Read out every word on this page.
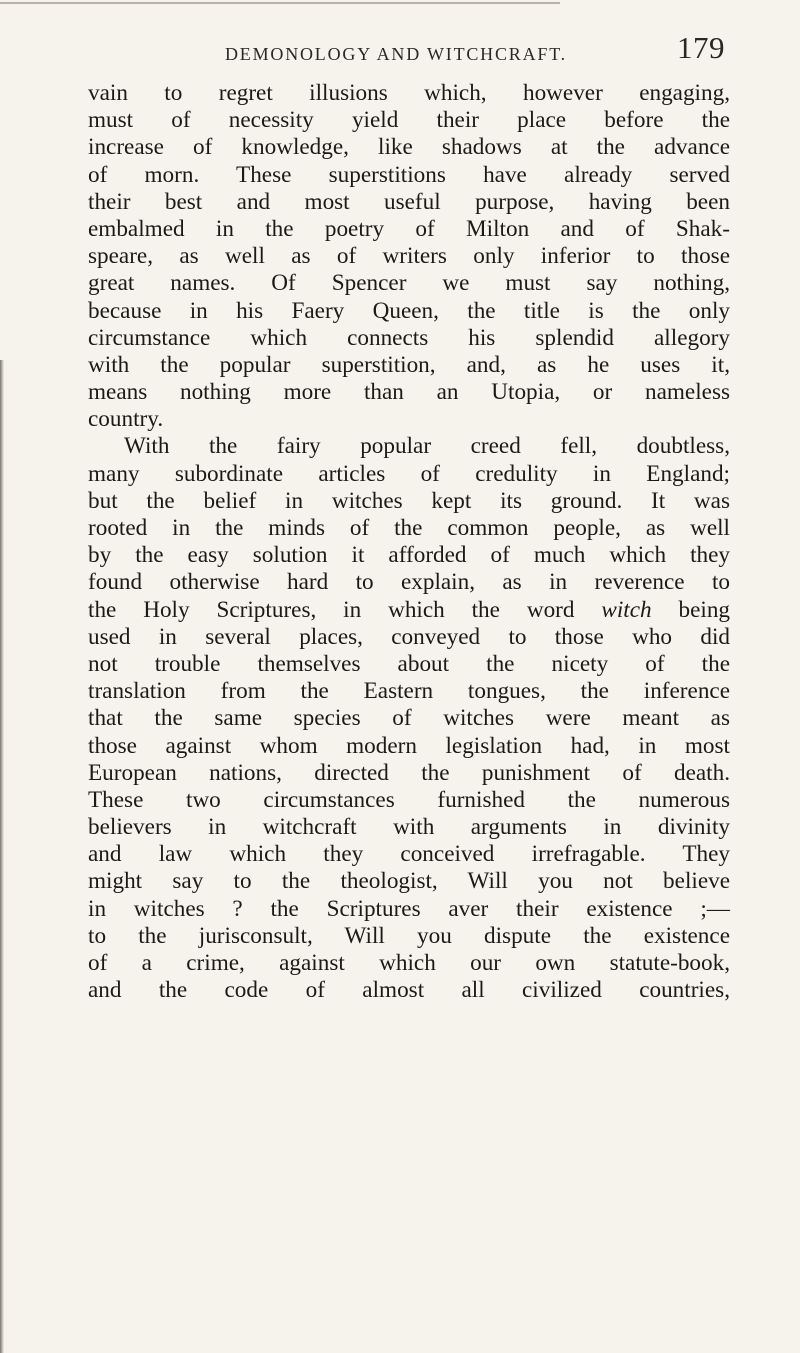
DEMONOLOGY AND WITCHCRAFT.	179
vain to regret illusions which, however engaging,
must of necessity yield their place before the
increase of knowledge, like shadows at the advance
of morn. These superstitions have already served
their best and most useful purpose, having been
embalmed in the poetry of Milton and of Shak-
speare, as well as of writers only inferior to those
great names. Of Spencer we must say nothing,
because in his Faery Queen, the title is the only
circumstance which connects his splendid allegory
with the popular superstition, and, as he uses it,
means nothing more than an Utopia, or nameless
country.
With the fairy popular creed fell, doubtless,
many subordinate articles of credulity in England;
but the belief in witches kept its ground. It was
rooted in the minds of the common people, as well
by the easy solution it afforded of much which they
found otherwise hard to explain, as in reverence to
the Holy Scriptures, in which the word witch being
used in several places, conveyed to those who did
not trouble themselves about the nicety of the
translation from the Eastern tongues, the inference
that the same species of witches were meant as
those against whom modern legislation had, in most
European nations, directed the punishment of death.
These two circumstances furnished the numerous
believers in witchcraft with arguments in divinity
and law which they conceived irrefragable. They
might say to the theologist, Will you not believe
in witches ? the Scriptures aver their existence ;—
to the jurisconsult, Will you dispute the existence
of a crime, against which our own statute-book,
and the code of almost all civilized countries,
